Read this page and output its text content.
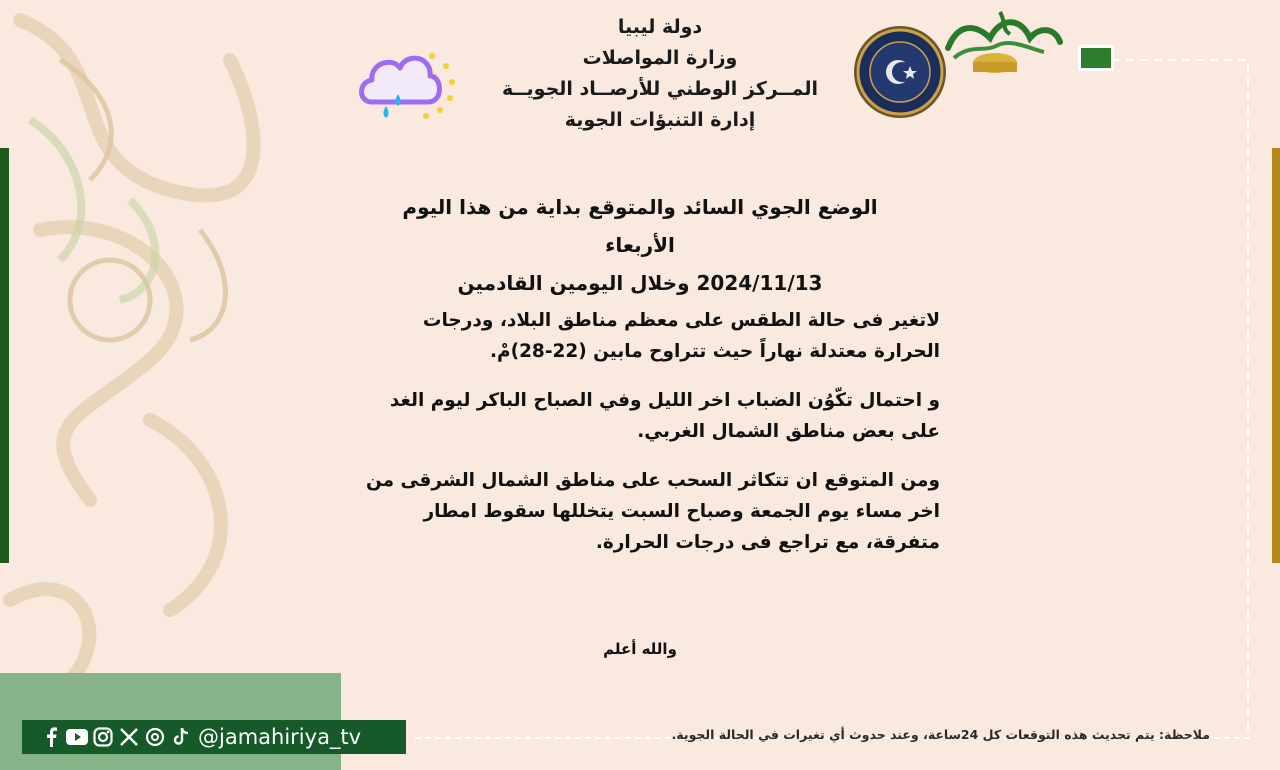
دولة ليبيا
وزارة المواصلات
المــركز الوطني للأرصــاد الجويــة
إدارة التنبؤات الجوية
الوضع الجوي السائد والمتوقع بداية من هذا اليوم الأربعاء
2024/11/13 وخلال اليومين القادمين

لاتغير فى حالة الطقس على معظم مناطق البلاد، ودرجات الحرارة معتدلة نهاراً حيث تتراوح مابين (22-28)مْ.

و احتمال تكّوُن الضباب اخر الليل وفي الصباح الباكر ليوم الغد على بعض مناطق الشمال الغربي.

ومن المتوقع ان تتكاثر السحب على مناطق الشمال الشرقى من اخر مساء يوم الجمعة وصباح السبت يتخللها سقوط امطار متفرقة، مع تراجع فى درجات الحرارة.

والله أعلم
@jamahiriya_tv	ملاحظة: يتم تحديث هذه التوقعات كل 24ساعة، وعند حدوث أي تغيرات في الحالة الجوية.
